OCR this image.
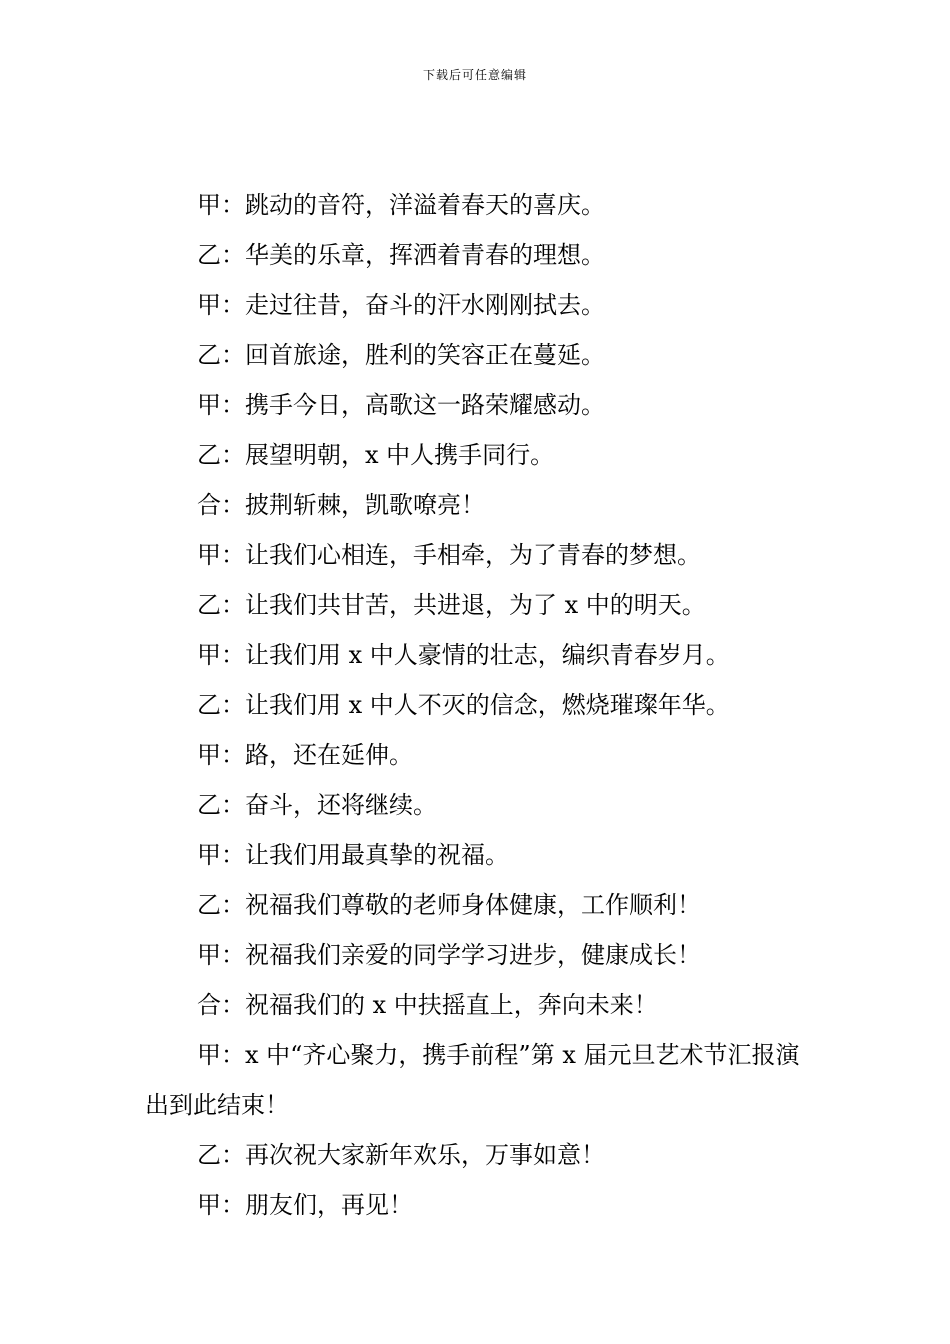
下载后可任意编辑
甲：跳动的音符，洋溢着春天的喜庆。
乙：华美的乐章，挥洒着青春的理想。
甲：走过往昔，奋斗的汗水刚刚拭去。
乙：回首旅途，胜利的笑容正在蔓延。
甲：携手今日，高歌这一路荣耀感动。
乙：展望明朝，x 中人携手同行。
合：披荆斩棘，凯歌嘹亮！
甲：让我们心相连，手相牵，为了青春的梦想。
乙：让我们共甘苦，共进退，为了 x 中的明天。
甲：让我们用 x 中人豪情的壮志，编织青春岁月。
乙：让我们用 x 中人不灭的信念，燃烧璀璨年华。
甲：路，还在延伸。
乙：奋斗，还将继续。
甲：让我们用最真挚的祝福。
乙：祝福我们尊敬的老师身体健康，工作顺利！
甲：祝福我们亲爱的同学学习进步，健康成长！
合：祝福我们的 x 中扶摇直上，奔向未来！
甲：x 中“齐心聚力，携手前程”第 x 届元旦艺术节汇报演出到此结束！
乙：再次祝大家新年欢乐，万事如意！
甲：朋友们，再见！
